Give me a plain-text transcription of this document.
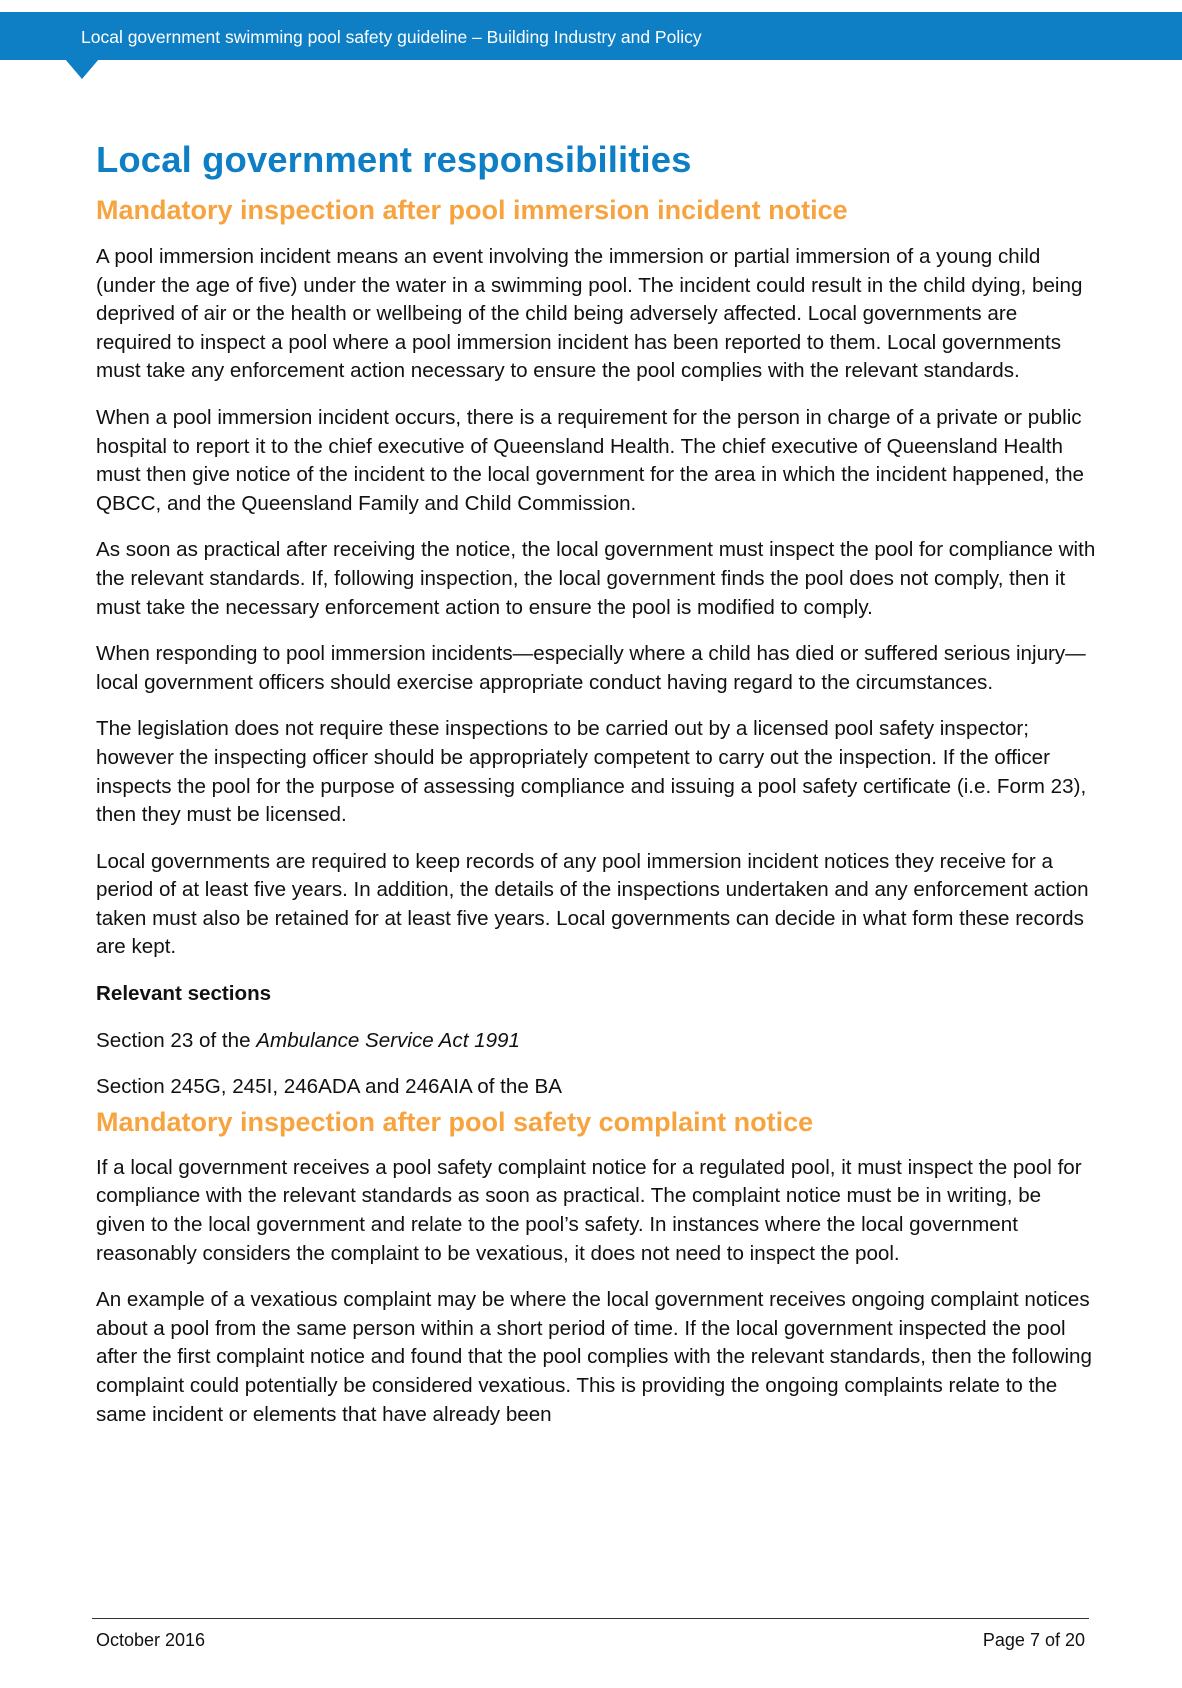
Local government swimming pool safety guideline – Building Industry and Policy
Local government responsibilities
Mandatory inspection after pool immersion incident notice

A pool immersion incident means an event involving the immersion or partial immersion of a young child (under the age of five) under the water in a swimming pool. The incident could result in the child dying, being deprived of air or the health or wellbeing of the child being adversely affected. Local governments are required to inspect a pool where a pool immersion incident has been reported to them. Local governments must take any enforcement action necessary to ensure the pool complies with the relevant standards.

When a pool immersion incident occurs, there is a requirement for the person in charge of a private or public hospital to report it to the chief executive of Queensland Health. The chief executive of Queensland Health must then give notice of the incident to the local government for the area in which the incident happened, the QBCC, and the Queensland Family and Child Commission.

As soon as practical after receiving the notice, the local government must inspect the pool for compliance with the relevant standards. If, following inspection, the local government finds the pool does not comply, then it must take the necessary enforcement action to ensure the pool is modified to comply.

When responding to pool immersion incidents—especially where a child has died or suffered serious injury—local government officers should exercise appropriate conduct having regard to the circumstances.

The legislation does not require these inspections to be carried out by a licensed pool safety inspector; however the inspecting officer should be appropriately competent to carry out the inspection. If the officer inspects the pool for the purpose of assessing compliance and issuing a pool safety certificate (i.e. Form 23), then they must be licensed.

Local governments are required to keep records of any pool immersion incident notices they receive for a period of at least five years. In addition, the details of the inspections undertaken and any enforcement action taken must also be retained for at least five years. Local governments can decide in what form these records are kept.

Relevant sections

Section 23 of the Ambulance Service Act 1991

Section 245G, 245I, 246ADA and 246AIA of the BA

Mandatory inspection after pool safety complaint notice

If a local government receives a pool safety complaint notice for a regulated pool, it must inspect the pool for compliance with the relevant standards as soon as practical. The complaint notice must be in writing, be given to the local government and relate to the pool’s safety. In instances where the local government reasonably considers the complaint to be vexatious, it does not need to inspect the pool.

An example of a vexatious complaint may be where the local government receives ongoing complaint notices about a pool from the same person within a short period of time. If the local government inspected the pool after the first complaint notice and found that the pool complies with the relevant standards, then the following complaint could potentially be considered vexatious. This is providing the ongoing complaints relate to the same incident or elements that have already been

October 2016	Page 7 of 20
